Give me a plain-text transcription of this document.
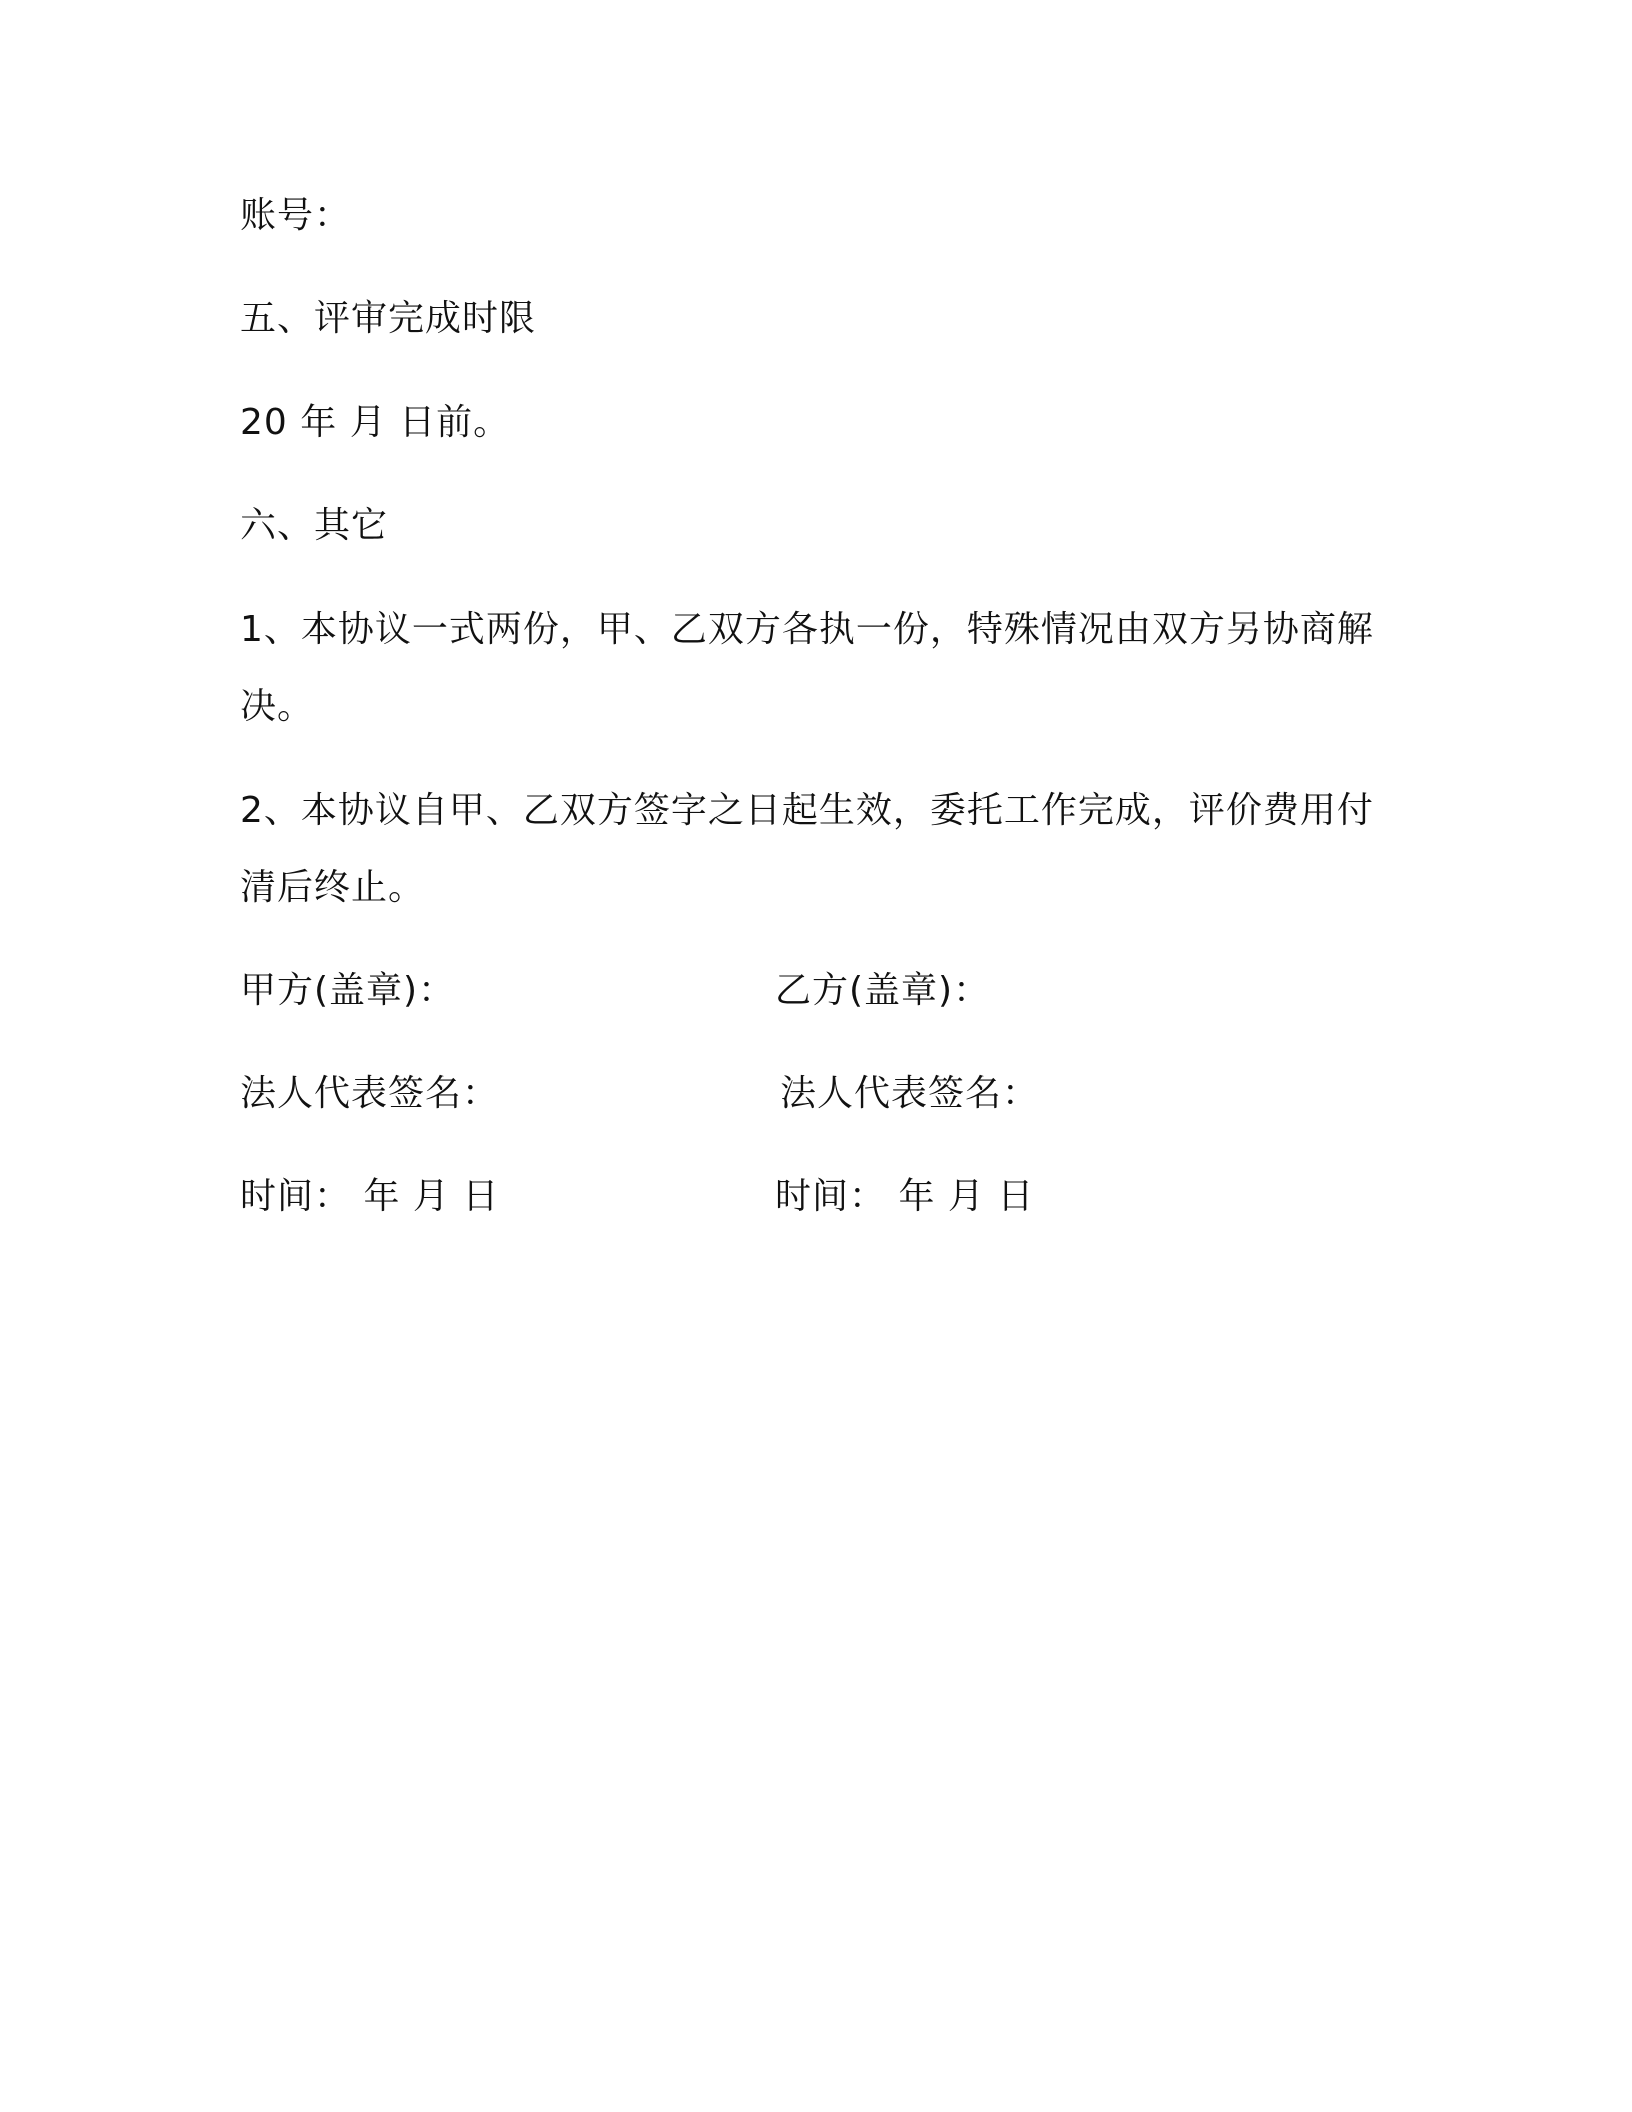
账号：
五、评审完成时限
20 年 月 日前。
六、其它
1、本协议一式两份，甲、乙双方各执一份，特殊情况由双方另协商解
决。
2、本协议自甲、乙双方签字之日起生效，委托工作完成，评价费用付
清后终止。
甲方(盖章)：	乙方(盖章)：
法人代表签名：	法人代表签名：
时间： 年 月 日	时间： 年 月 日
